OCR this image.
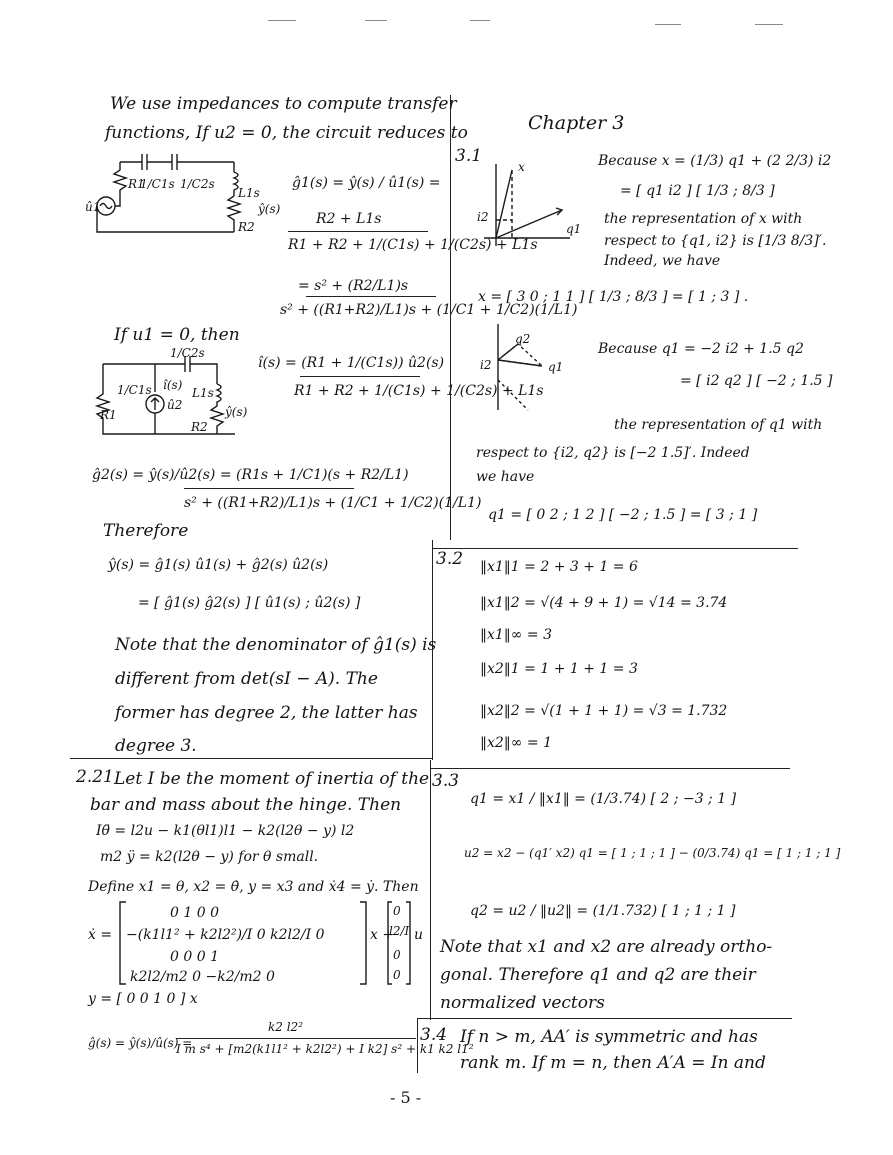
We use impedances to compute transfer
functions, If u2 = 0, the circuit reduces to
R1
1/C1s 1/C2s
L1s
R2
û1	ŷ(s)
ĝ1(s) = ŷ(s) / û1(s) =
R2 + L1s
R1 + R2 + 1/(C1s) + 1/(C2s) + L1s
= s² + (R2/L1)s
s² + ((R1+R2)/L1)s + (1/C1 + 1/C2)(1/L1)
If u1 = 0, then
1/C2s
1/C1s î(s)
L1s
R1
R2
û2	ŷ(s)
î(s) = (R1 + 1/(C1s)) û2(s)
R1 + R2 + 1/(C1s) + 1/(C2s) + L1s
ĝ2(s) = ŷ(s)/û2(s) = (R1s + 1/C1)(s + R2/L1)
s² + ((R1+R2)/L1)s + (1/C1 + 1/C2)(1/L1)
Therefore
ŷ(s) = ĝ1(s) û1(s) + ĝ2(s) û2(s)
= [ ĝ1(s) ĝ2(s) ] [ û1(s) ; û2(s) ]
Note that the denominator of ĝ1(s) is
different from det(sI − A). The
former has degree 2, the latter has
degree 3.
2.21 Let I be the moment of inertia of the
bar and mass about the hinge. Then
Iθ̈ = l2u − k1(θl1)l1 − k2(l2θ − y) l2
m2 ÿ = k2(l2θ − y) for θ small.
Define x1 = θ, x2 = θ̇, y = x3 and ẋ4 = ẏ. Then
ẋ =
0 1 0 0
−(k1l1² + k2l2²)/I 0 k2l2/I 0
0 0 0 1
k2l2/m2 0 −k2/m2 0
x +
0
l2/I
0
0
u
y = [ 0 0 1 0 ] x
ĝ(s) = ŷ(s)/û(s) =
k2 l2²
I m s⁴ + [m2(k1l1² + k2l2²) + I k2] s² + k1 k2 l1²
Chapter 3
3.1
x
i2
q1
Because x = (1/3) q1 + (2 2/3) i2
= [ q1 i2 ] [ 1/3 ; 8/3 ]
the representation of x with
respect to {q1, i2} is [1/3 8/3]′.
Indeed, we have
x = [ 3 0 ; 1 1 ] [ 1/3 ; 8/3 ] = [ 1 ; 3 ] .
q2
i2	q1
Because q1 = −2 i2 + 1.5 q2
= [ i2 q2 ] [ −2 ; 1.5 ]
the representation of q1 with
respect to {i2, q2} is [−2 1.5]′. Indeed
we have
q1 = [ 0 2 ; 1 2 ] [ −2 ; 1.5 ] = [ 3 ; 1 ]
3.2 ‖x1‖1 = 2 + 3 + 1 = 6
‖x1‖2 = √(4 + 9 + 1) = √14 = 3.74
‖x1‖∞ = 3
‖x2‖1 = 1 + 1 + 1 = 3
‖x2‖2 = √(1 + 1 + 1) = √3 = 1.732
‖x2‖∞ = 1
3.3
q1 = x1 / ‖x1‖ = (1/3.74) [ 2 ; −3 ; 1 ]
u2 = x2 − (q1′ x2) q1 = [ 1 ; 1 ; 1 ] − (0/3.74) q1 = [ 1 ; 1 ; 1 ]
q2 = u2 / ‖u2‖ = (1/1.732) [ 1 ; 1 ; 1 ]
Note that x1 and x2 are already ortho-
gonal. Therefore q1 and q2 are their
normalized vectors
3.4 If n > m, AA′ is symmetric and has
rank m. If m = n, then A′A = In and
- 5 -
